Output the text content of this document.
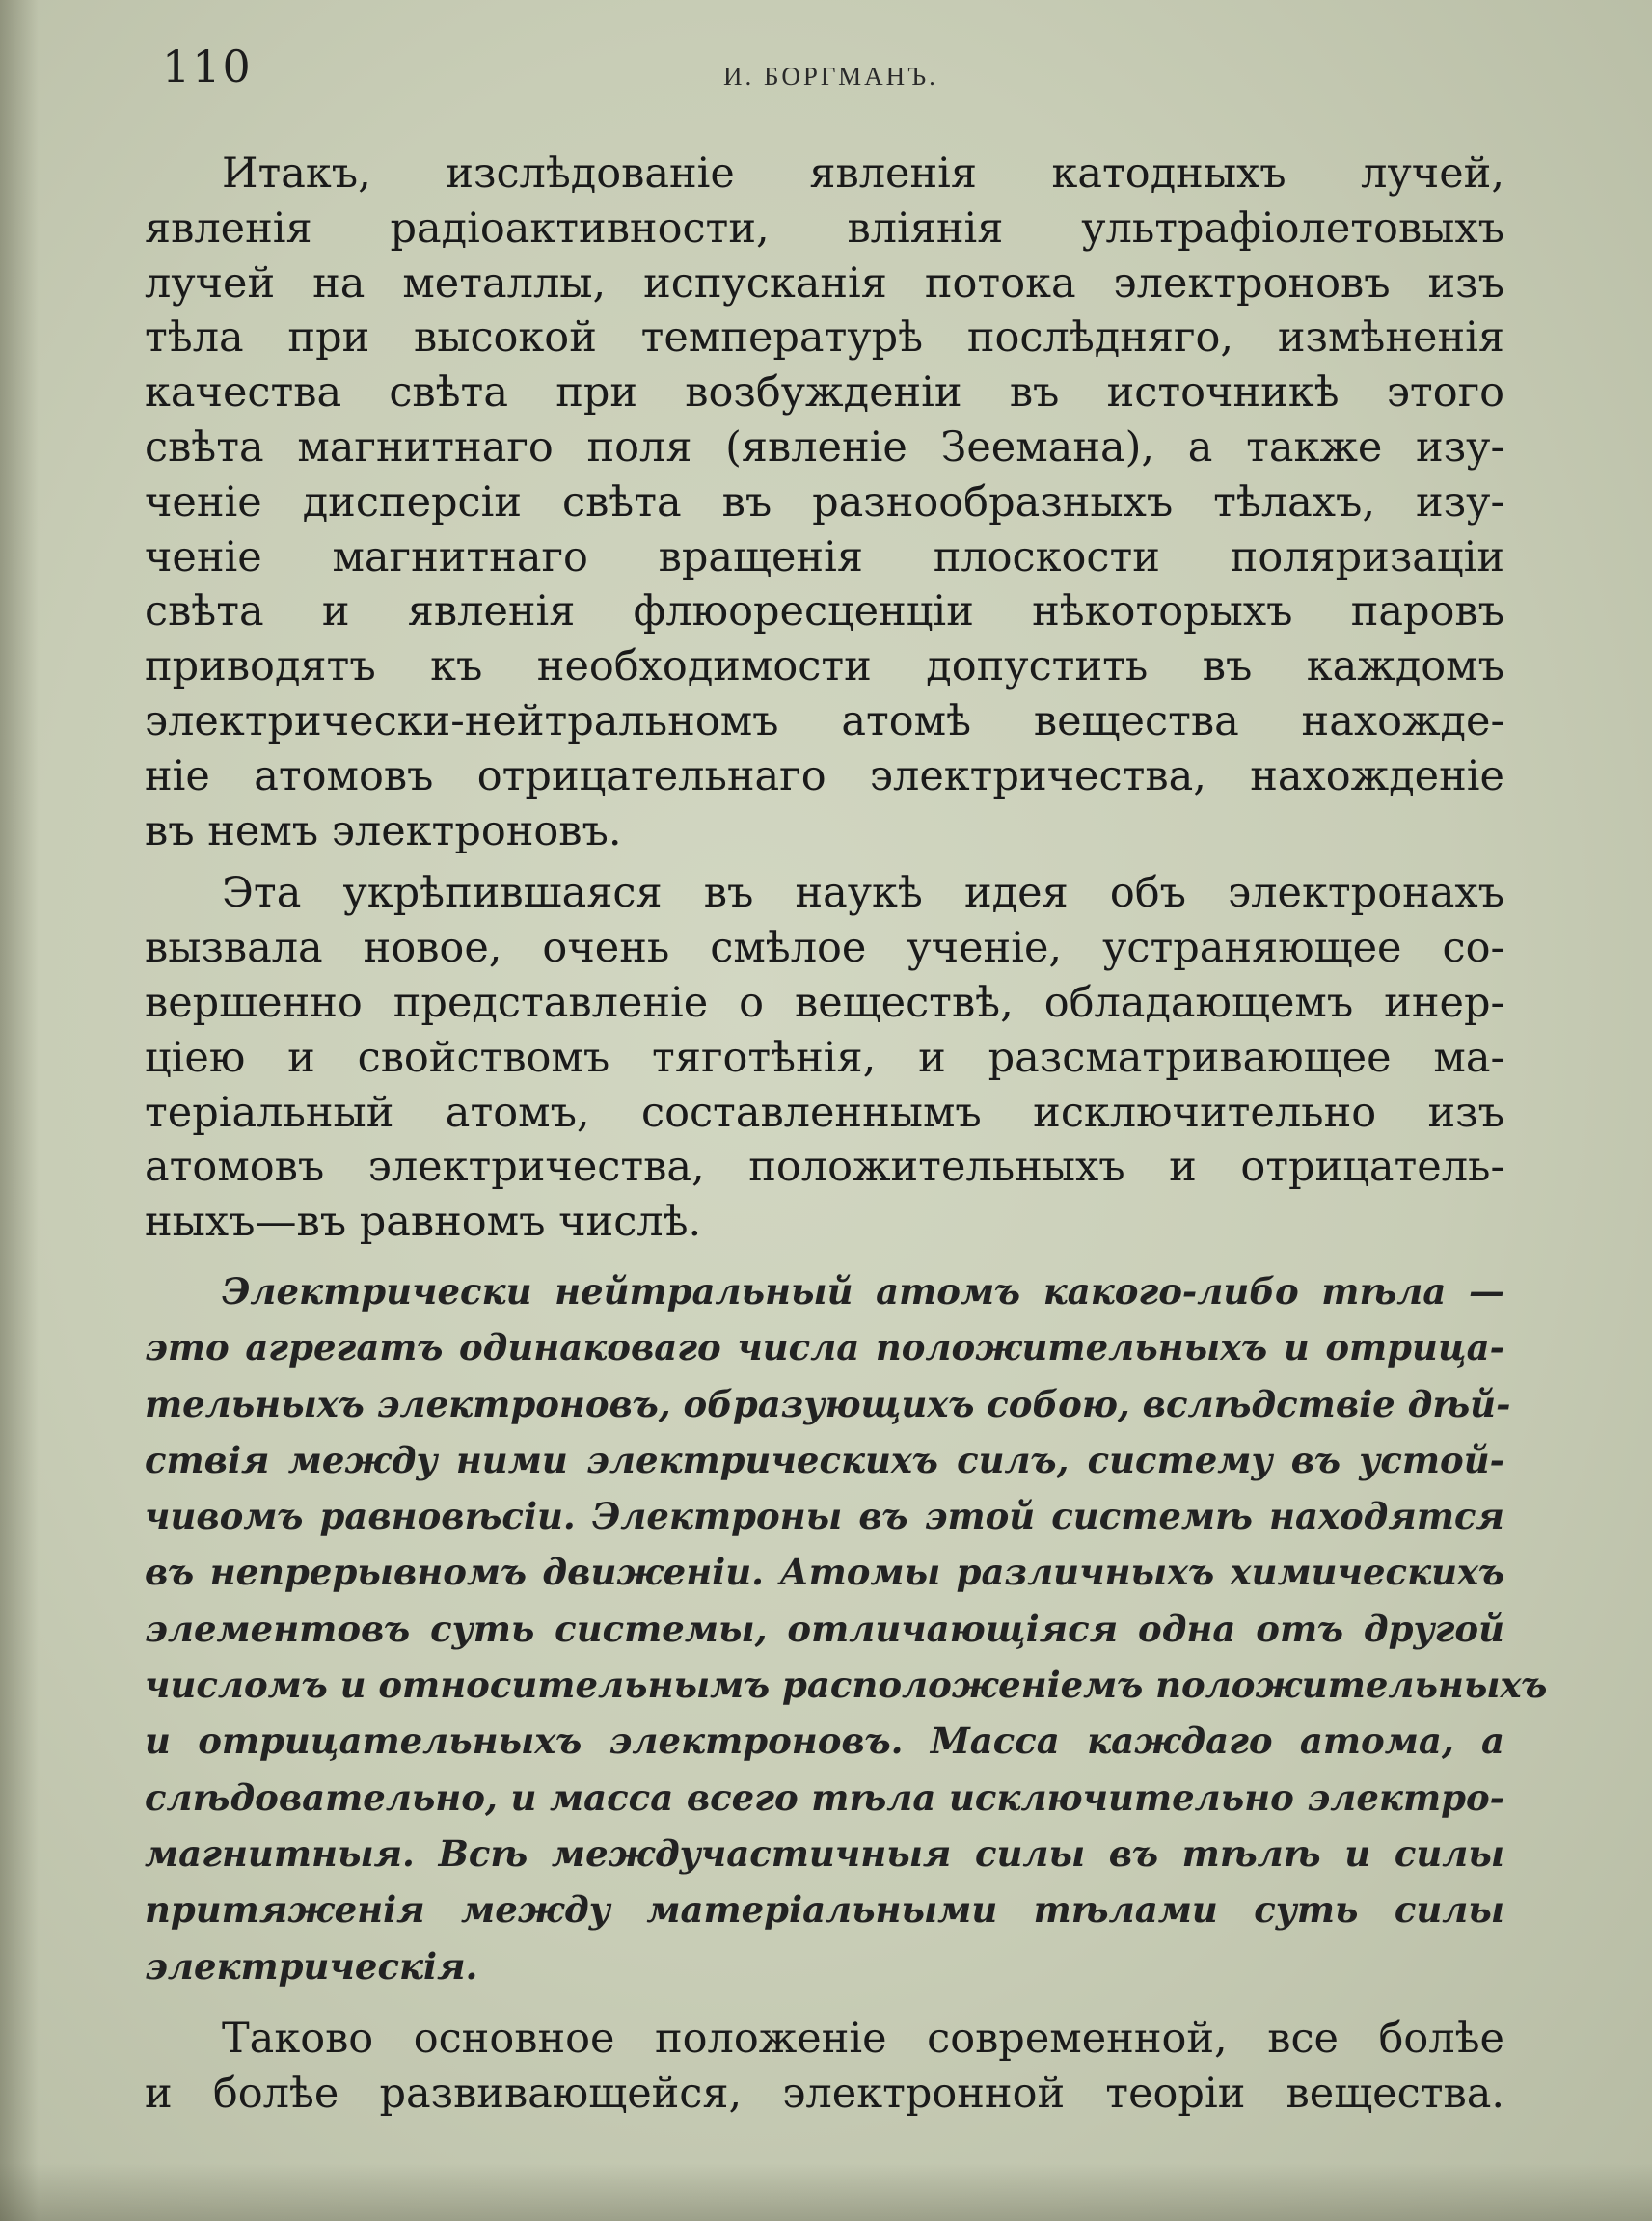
110	И. БОРГМАНЪ.
Итакъ, изслѣдованіе явленія катодныхъ лучей,
явленія радіоактивности, вліянія ультрафіолетовыхъ
лучей на металлы, испусканія потока электроновъ изъ
тѣла при высокой температурѣ послѣдняго, измѣненія
качества свѣта при возбужденіи въ источникѣ этого
свѣта магнитнаго поля (явленіе Зеемана), а также изу-
ченіе дисперсіи свѣта въ разнообразныхъ тѣлахъ, изу-
ченіе магнитнаго вращенія плоскости поляризаціи
свѣта и явленія флюоресценціи нѣкоторыхъ паровъ
приводятъ къ необходимости допустить въ каждомъ
электрически-нейтральномъ атомѣ вещества нахожде-
ніе атомовъ отрицательнаго электричества, нахожденіе
въ немъ электроновъ.
Эта укрѣпившаяся въ наукѣ идея объ электронахъ
вызвала новое, очень смѣлое ученіе, устраняющее со-
вершенно представленіе о веществѣ, обладающемъ инер-
ціею и свойствомъ тяготѣнія, и разсматривающее ма-
теріальный атомъ, составленнымъ исключительно изъ
атомовъ электричества, положительныхъ и отрицатель-
ныхъ—въ равномъ числѣ.
Электрически нейтральный атомъ какого-либо тѣла —
это агрегатъ одинаковаго числа положительныхъ и отрица-
тельныхъ электроновъ, образующихъ собою, вслѣдствіе дѣй-
ствія между ними электрическихъ силъ, систему въ устой-
чивомъ равновѣсіи. Электроны въ этой системѣ находятся
въ непрерывномъ движеніи. Атомы различныхъ химическихъ
элементовъ суть системы, отличающіяся одна отъ другой
числомъ и относительнымъ расположеніемъ положительныхъ
и отрицательныхъ электроновъ. Масса каждаго атома, а
слѣдовательно, и масса всего тѣла исключительно электро-
магнитныя. Всѣ междучастичныя силы въ тѣлѣ и силы
притяженія между матеріальными тѣлами суть силы
электрическія.
Таково основное положеніе современной, все болѣе
и болѣе развивающейся, электронной теоріи вещества.
